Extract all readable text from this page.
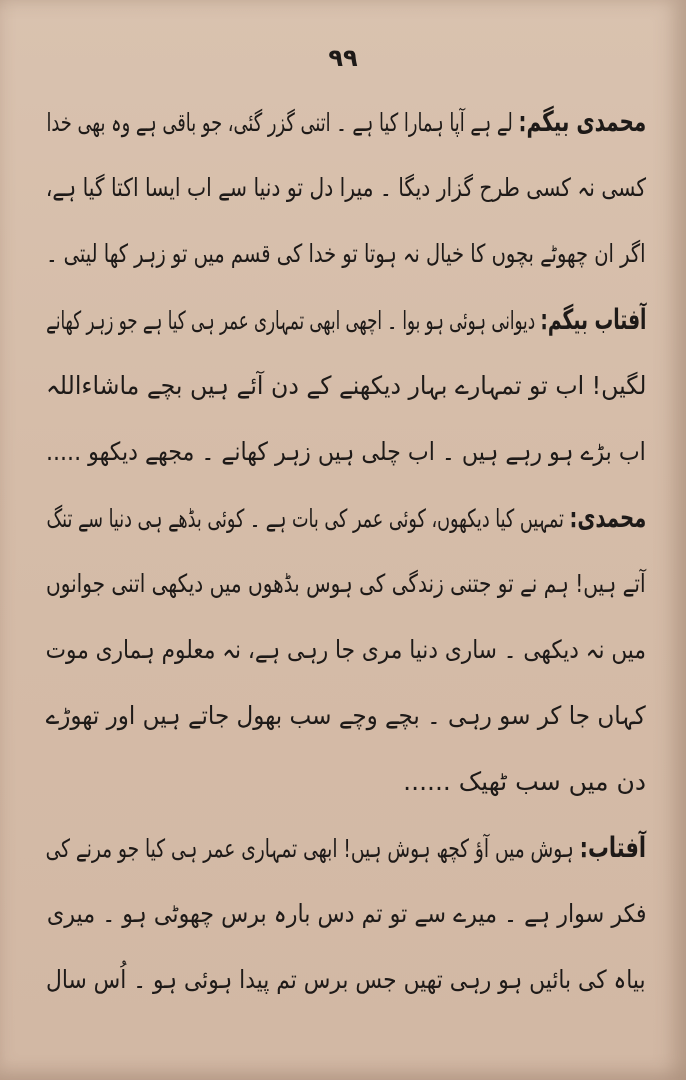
۹۹
محمدی بیگم:لے ہے آپا ہمارا کیا ہے ۔ اتنی گزر گئی، جو باقی ہے وہ بھی خدا
کسی نہ کسی طرح گزار دیگا ۔ میرا دل تو دنیا سے اب ایسا اکتا گیا ہے،
اگر ان چھوٹے بچوں کا خیال نہ ہوتا تو خدا کی قسم میں تو زہر کھا لیتی ۔
آفتاب بیگم:دیوانی ہوئی ہو بوا ۔ اچھی ابھی تمہاری عمر ہی کیا ہے جو زہر کھانے
لگیں! اب تو تمہارے بہار دیکھنے کے دن آئے ہیں بچے ماشاءاللہ
اب بڑے ہو رہے ہیں ۔ اب چلی ہیں زہر کھانے ۔ مجھے دیکھو .....
محمدی:تمہیں کیا دیکھوں، کوئی عمر کی بات ہے ۔ کوئی بڈھے ہی دنیا سے تنگ
آتے ہیں! ہم نے تو جتنی زندگی کی ہوس بڈھوں میں دیکھی اتنی جوانوں
میں نہ دیکھی ۔ ساری دنیا مری جا رہی ہے، نہ معلوم ہماری موت
کہاں جا کر سو رہی ۔ بچے وچے سب بھول جاتے ہیں اور تھوڑے
دن میں سب ٹھیک ......
آفتاب:ہوش میں آؤ کچھ ہوش ہیں! ابھی تمہاری عمر ہی کیا جو مرنے کی
فکر سوار ہے ۔ میرے سے تو تم دس بارہ برس چھوٹی ہو ۔ میری
بیاہ کی بائیں ہو رہی تھیں جس برس تم پیدا ہوئی ہو ۔ اُس سال
